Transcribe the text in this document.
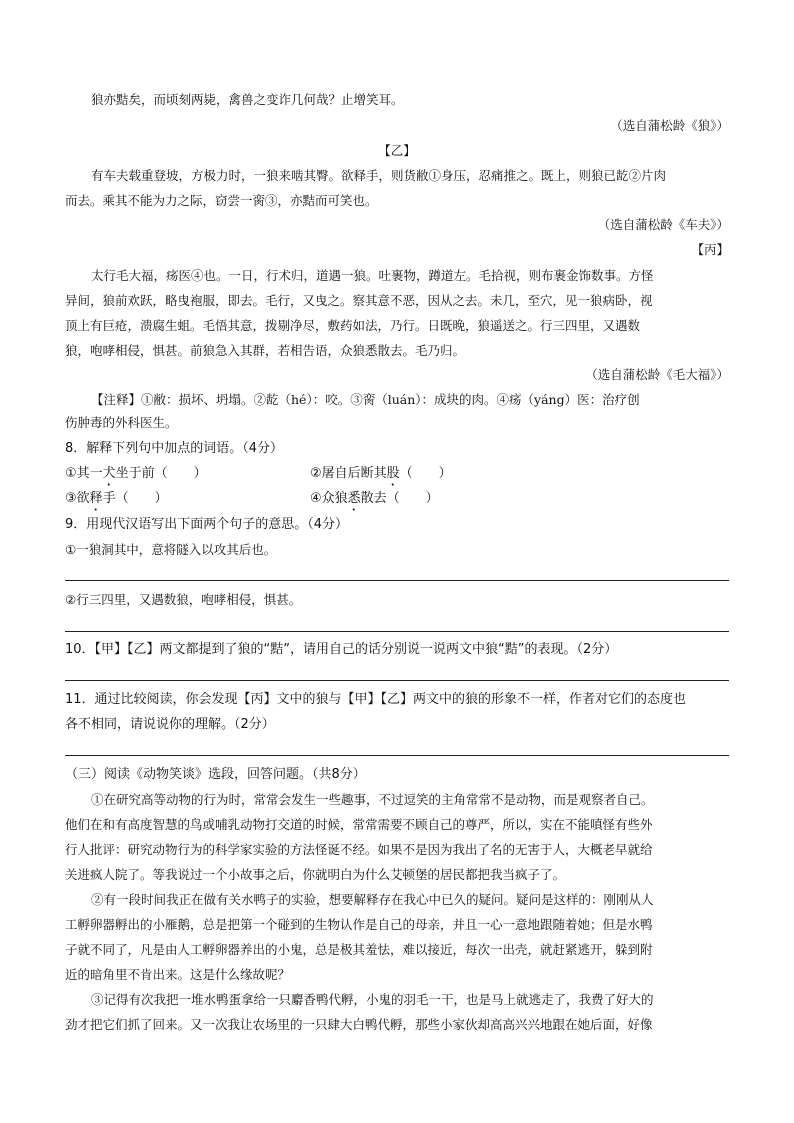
狼亦黠矣，而顷刻两毙，禽兽之变诈几何哉？止增笑耳。
（选自蒲松龄《狼》）
【乙】
有车夫载重登坡，方极力时，一狼来啮其臀。欲释手，则货敝①身压，忍痛推之。既上，则狼已龁②片肉
而去。乘其不能为力之际，窃尝一脔③，亦黠而可笑也。
（选自蒲松龄《车夫》）
【丙】
太行毛大福，疡医④也。一日，行术归，道遇一狼。吐裹物，蹲道左。毛拾视，则布裹金饰数事。方怪
异间，狼前欢跃，略曳袍服，即去。毛行，又曳之。察其意不恶，因从之去。未几，至穴，见一狼病卧，视
顶上有巨疮，溃腐生蛆。毛悟其意，拨剔净尽，敷药如法，乃行。日既晚，狼遥送之。行三四里，又遇数
狼，咆哮相侵，惧甚。前狼急入其群，若相告语，众狼悉散去。毛乃归。
（选自蒲松龄《毛大福》）
【注释】①敝：损坏、坍塌。②龁（hé）：咬。③脔（luán）：成块的肉。④疡（yáng）医：治疗创
伤肿毒的外科医生。
8．解释下列句中加点的词语。（4分）
①其一犬坐于前（　　）	②屠自后断其股（　　）
③欲释手（　　）	④众狼悉散去（　　）
9．用现代汉语写出下面两个句子的意思。（4分）
①一狼洞其中，意将隧入以攻其后也。
②行三四里，又遇数狼，咆哮相侵，惧甚。
10．【甲】【乙】两文都提到了狼的“黠”，请用自己的话分别说一说两文中狼“黠”的表现。（2分）
11．通过比较阅读，你会发现【丙】文中的狼与【甲】【乙】两文中的狼的形象不一样，作者对它们的态度也
各不相同，请说说你的理解。（2分）
（三）阅读《动物笑谈》选段，回答问题。（共8分）
①在研究高等动物的行为时，常常会发生一些趣事，不过逗笑的主角常常不是动物，而是观察者自己。
他们在和有高度智慧的鸟或哺乳动物打交道的时候，常常需要不顾自己的尊严，所以，实在不能嗔怪有些外
行人批评：研究动物行为的科学家实验的方法怪诞不经。如果不是因为我出了名的无害于人，大概老早就给
关进疯人院了。等我说过一个小故事之后，你就明白为什么艾顿堡的居民都把我当疯子了。
②有一段时间我正在做有关水鸭子的实验，想要解释存在我心中已久的疑问。疑问是这样的：刚刚从人
工孵卵器孵出的小雁鹅，总是把第一个碰到的生物认作是自己的母亲，并且一心一意地跟随着她；但是水鸭
子就不同了，凡是由人工孵卵器养出的小鬼，总是极其羞怯，难以接近，每次一出壳，就赶紧逃开，躲到附
近的暗角里不肯出来。这是什么缘故呢？
③记得有次我把一堆水鸭蛋拿给一只麝香鸭代孵，小鬼的羽毛一干，也是马上就逃走了，我费了好大的
劲才把它们抓了回来。又一次我让农场里的一只肆大白鸭代孵，那些小家伙却高高兴兴地跟在她后面，好像
